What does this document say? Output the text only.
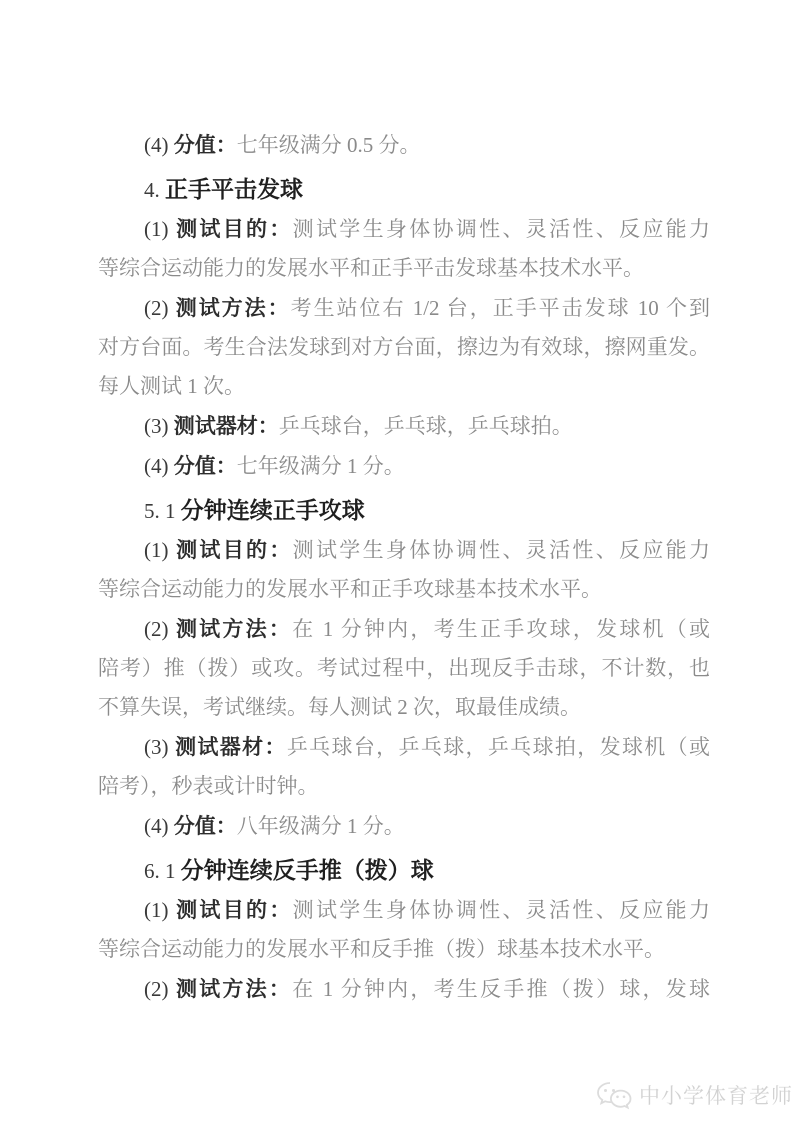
(4) 分值：七年级满分 0.5 分。
4. 正手平击发球
(1) 测试目的：测试学生身体协调性、灵活性、反应能力
等综合运动能力的发展水平和正手平击发球基本技术水平。
(2) 测试方法：考生站位右 1/2 台，正手平击发球 10 个到
对方台面。考生合法发球到对方台面，擦边为有效球，擦网重发。
每人测试 1 次。
(3) 测试器材：乒乓球台，乒乓球，乒乓球拍。
(4) 分值：七年级满分 1 分。
5. 1 分钟连续正手攻球
(1) 测试目的：测试学生身体协调性、灵活性、反应能力
等综合运动能力的发展水平和正手攻球基本技术水平。
(2) 测试方法：在 1 分钟内，考生正手攻球，发球机（或
陪考）推（拨）或攻。考试过程中，出现反手击球，不计数，也
不算失误，考试继续。每人测试 2 次，取最佳成绩。
(3) 测试器材：乒乓球台，乒乓球，乒乓球拍，发球机（或
陪考），秒表或计时钟。
(4) 分值：八年级满分 1 分。
6. 1 分钟连续反手推（拨）球
(1) 测试目的：测试学生身体协调性、灵活性、反应能力
等综合运动能力的发展水平和反手推（拨）球基本技术水平。
(2) 测试方法：在 1 分钟内，考生反手推（拨）球，发球
中小学体育老师
